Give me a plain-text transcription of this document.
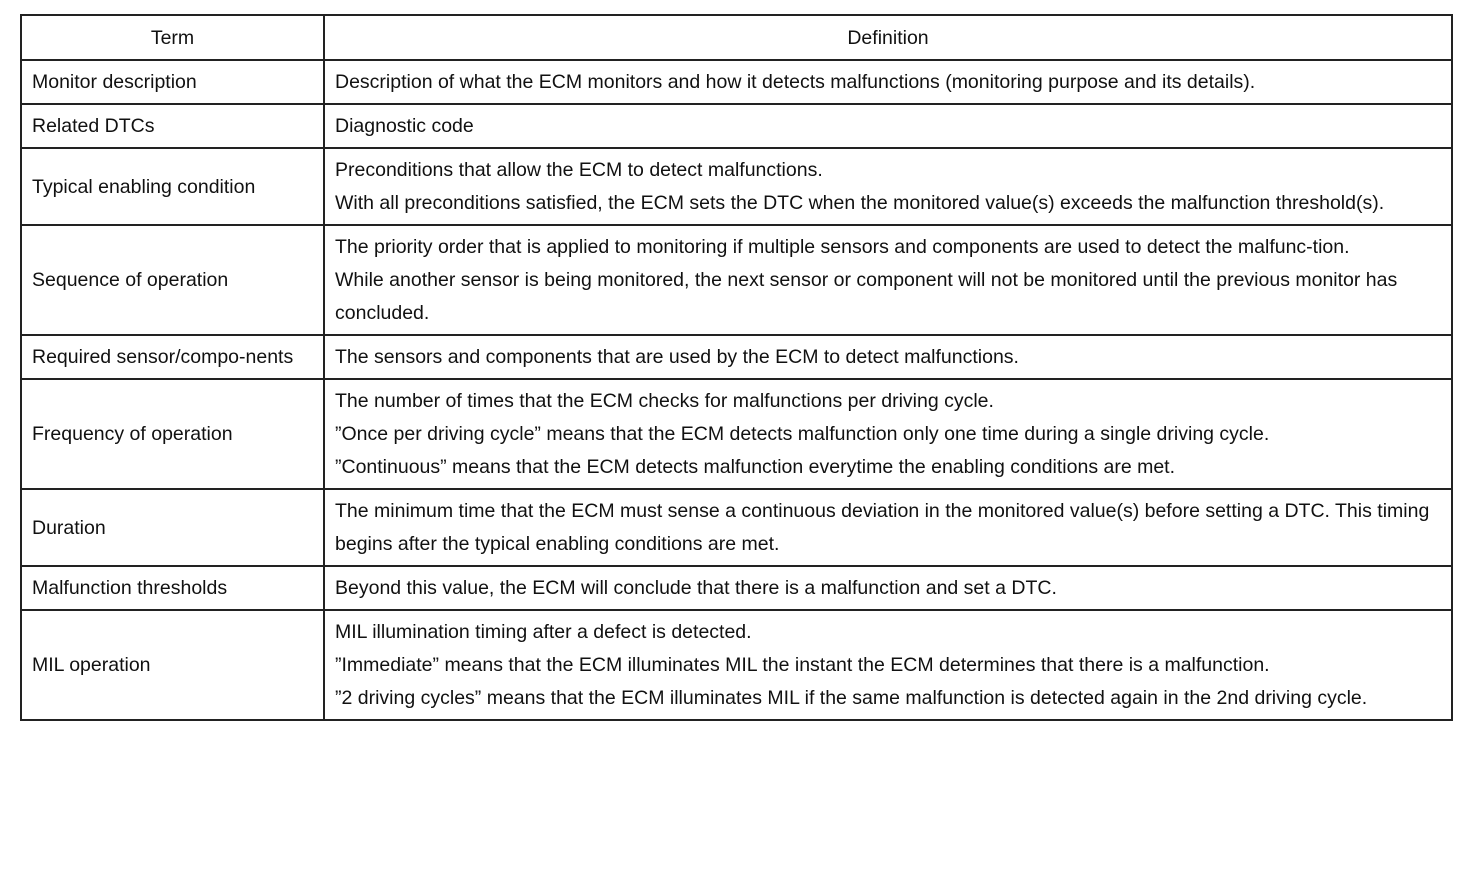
Term	Definition
Monitor description	Description of what the ECM monitors and how it detects malfunctions (monitoring purpose and its details).

Related DTCs	Diagnostic code

Typical enabling condition	Preconditions that allow the ECM to detect malfunctions.
With all preconditions satisfied, the ECM sets the DTC when the monitored value(s) exceeds the malfunction threshold(s).

Sequence of operation	The priority order that is applied to monitoring if multiple sensors and components are used to detect the malfunc-tion.
While another sensor is being monitored, the next sensor or component will not be monitored until the previous monitor has concluded.

Required sensor/compo-nents	The sensors and components that are used by the ECM to detect malfunctions.

Frequency of operation	The number of times that the ECM checks for malfunctions per driving cycle.
”Once per driving cycle” means that the ECM detects malfunction only one time during a single driving cycle.
”Continuous” means that the ECM detects malfunction everytime the enabling conditions are met.

Duration	The minimum time that the ECM must sense a continuous deviation in the monitored value(s) before setting a DTC. This timing begins after the typical enabling conditions are met.

Malfunction thresholds	Beyond this value, the ECM will conclude that there is a malfunction and set a DTC.

MIL operation	MIL illumination timing after a defect is detected.
”Immediate” means that the ECM illuminates MIL the instant the ECM determines that there is a malfunction.
”2 driving cycles” means that the ECM illuminates MIL if the same malfunction is detected again in the 2nd driving cycle.
